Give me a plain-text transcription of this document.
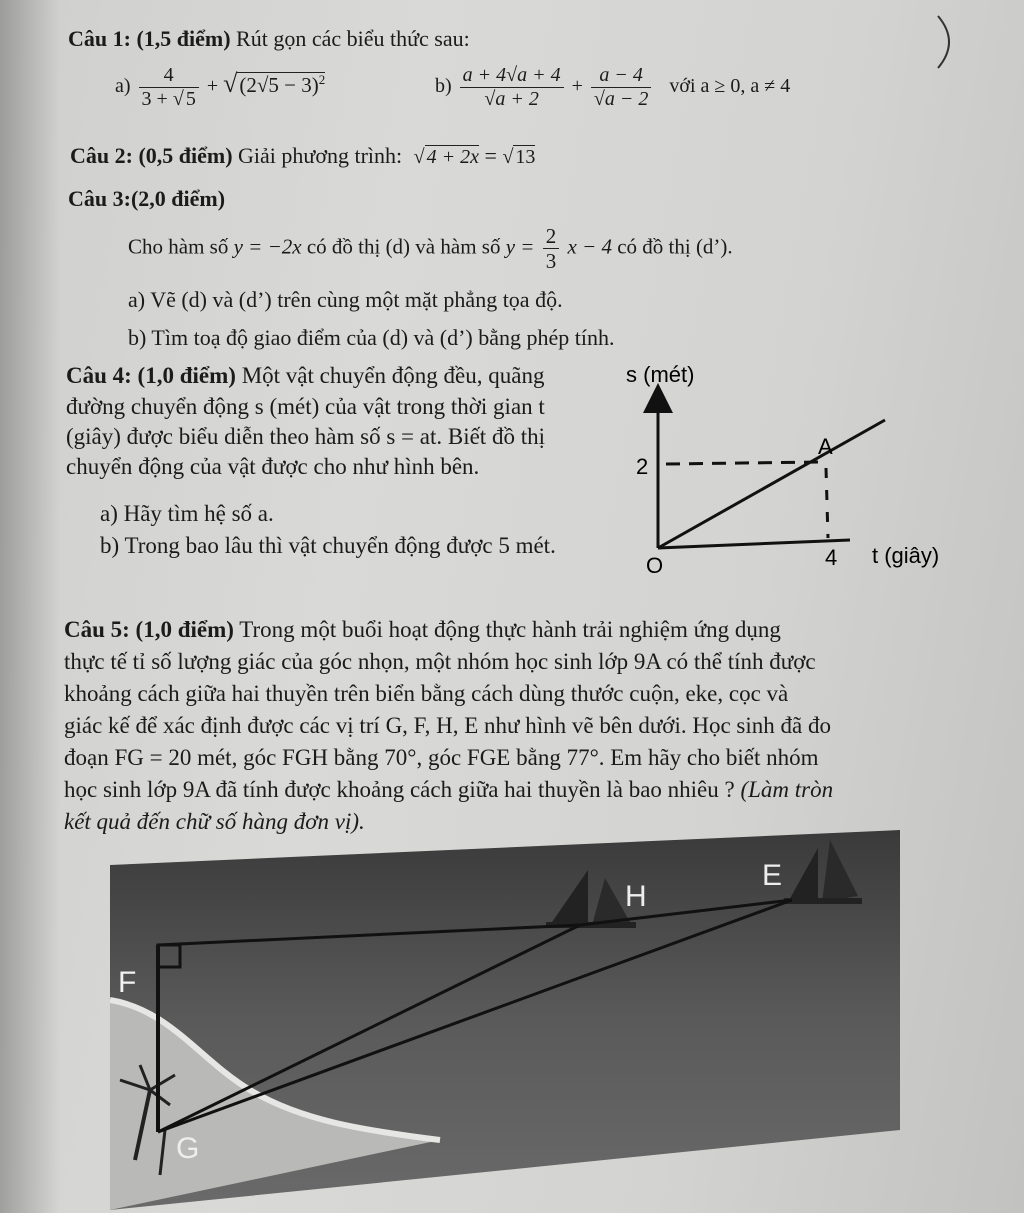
Câu 1: (1,5 điểm) Rút gọn các biểu thức sau:
$a) \frac{4}{3 + √ 5} + √(2√5 - 3)^2$	$b) \frac{a + 4√a + 4}{√a + 2} + \frac{a - 4}{√a - 2}$ với a ≥ 0, a ≠ 4
Câu 2: (0,5 điểm) Giải phương trình: √ 4 + 2x = √ 13
Câu 3:(2,0 điểm)
Cho hàm số y = −2x có đồ thị (d) và hàm số $y = \frac{2}{3}$ x − 4 có đồ thị (d’).
a) Vẽ (d) và (d’) trên cùng một mặt phẳng tọa độ.
b) Tìm toạ độ giao điểm của (d) và (d’) bằng phép tính.
Câu 4: (1,0 điểm) Một vật chuyển động đều, quãng
đường chuyển động s (mét) của vật trong thời gian t
(giây) được biểu diễn theo hàm số s = at. Biết đồ thị
chuyển động của vật được cho như hình bên.
a) Hãy tìm hệ số a.
b) Trong bao lâu thì vật chuyển động được 5 mét.
s (mét)
t (giây)
O
2
4
A
Câu 5: (1,0 điểm) Trong một buổi hoạt động thực hành trải nghiệm ứng dụng
thực tế tỉ số lượng giác của góc nhọn, một nhóm học sinh lớp 9A có thể tính được
khoảng cách giữa hai thuyền trên biển bằng cách dùng thước cuộn, eke, cọc và
giác kế để xác định được các vị trí G, F, H, E như hình vẽ bên dưới. Học sinh đã đo
đoạn FG = 20 mét, góc FGH bằng 70°, góc FGE bằng 77°. Em hãy cho biết nhóm
học sinh lớp 9A đã tính được khoảng cách giữa hai thuyền là bao nhiêu ? (Làm tròn
kết quả đến chữ số hàng đơn vị).
F
G
H
E
